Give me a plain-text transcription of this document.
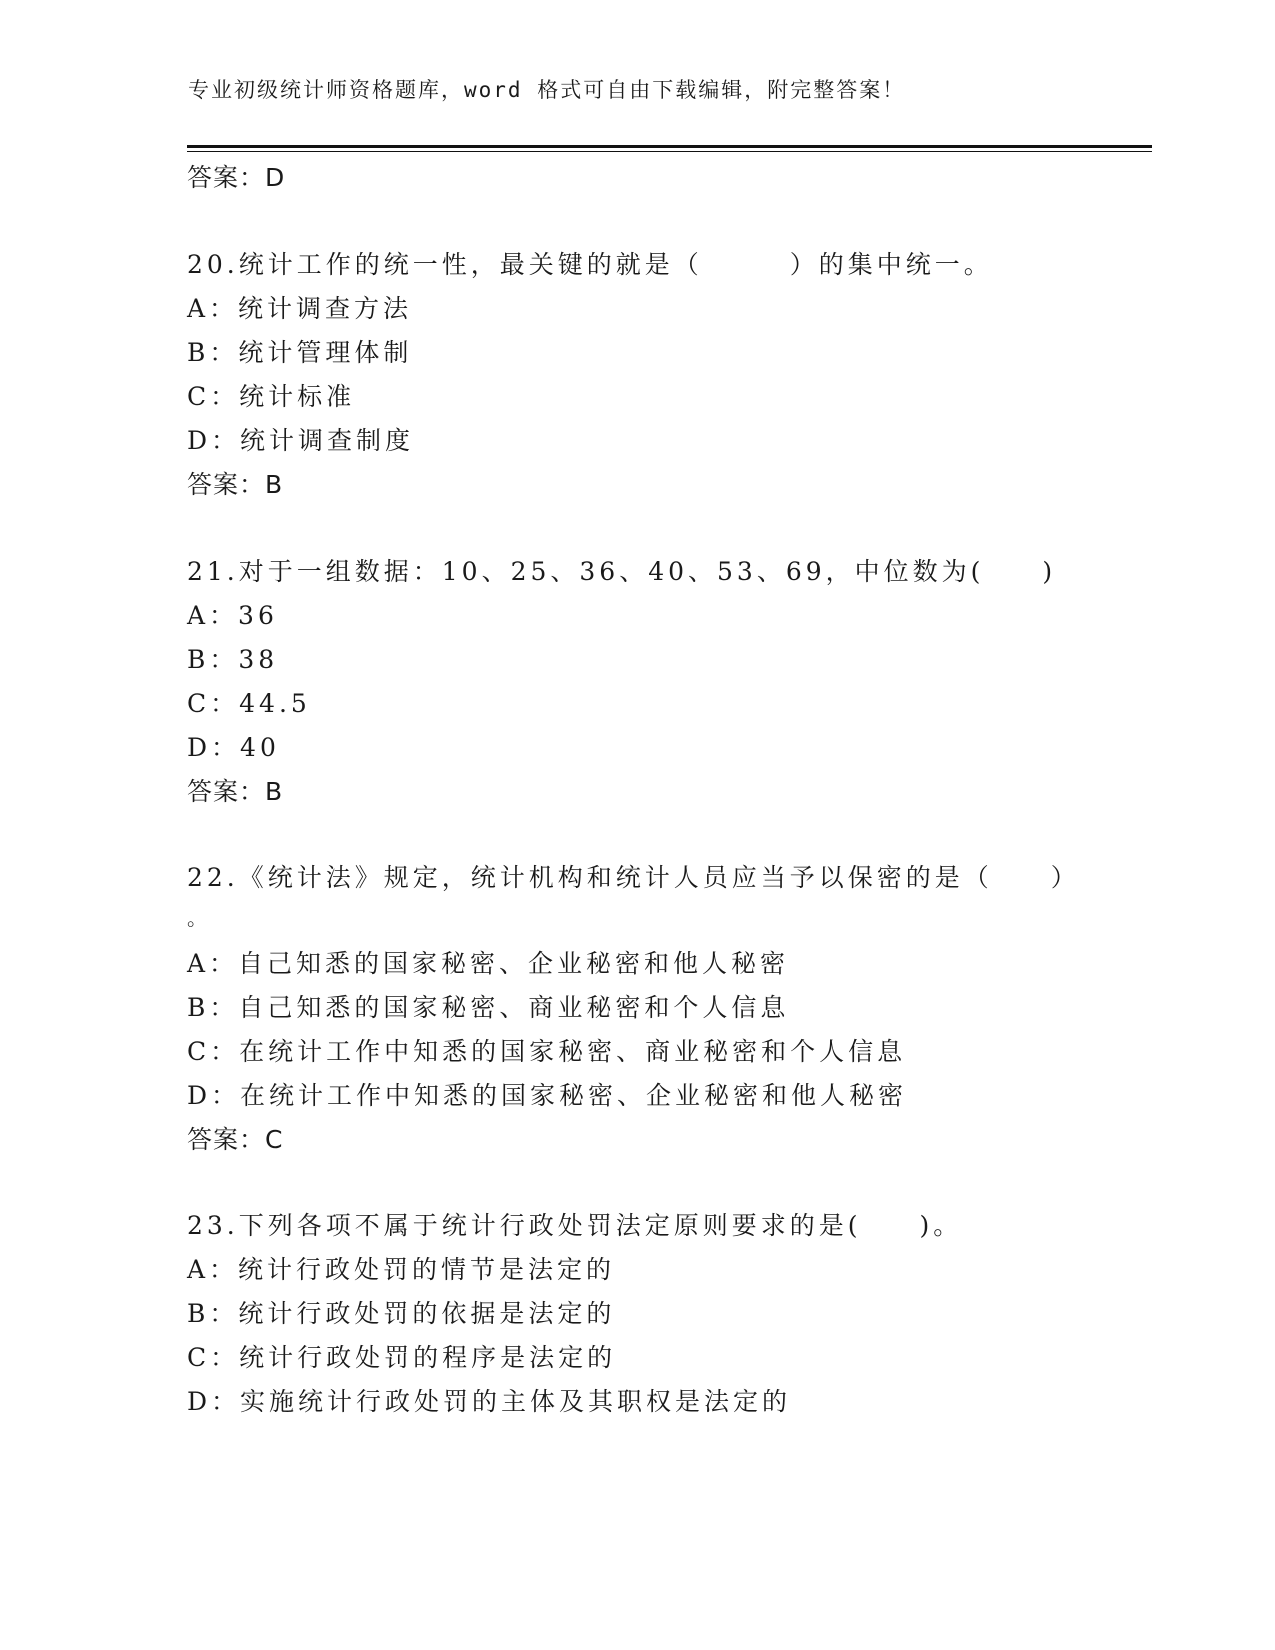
专业初级统计师资格题库，word 格式可自由下载编辑，附完整答案！
答案：D
20.统计工作的统一性，最关键的就是（　　　）的集中统一。
A：统计调查方法
B：统计管理体制
C：统计标准
D：统计调查制度
答案：B
21.对于一组数据：10、25、36、40、53、69，中位数为(　　)
A：36
B：38
C：44.5
D：40
答案：B
22.《统计法》规定，统计机构和统计人员应当予以保密的是（　　）
。
A：自己知悉的国家秘密、企业秘密和他人秘密
B：自己知悉的国家秘密、商业秘密和个人信息
C：在统计工作中知悉的国家秘密、商业秘密和个人信息
D：在统计工作中知悉的国家秘密、企业秘密和他人秘密
答案：C
23.下列各项不属于统计行政处罚法定原则要求的是(　　)。
A：统计行政处罚的情节是法定的
B：统计行政处罚的依据是法定的
C：统计行政处罚的程序是法定的
D：实施统计行政处罚的主体及其职权是法定的
